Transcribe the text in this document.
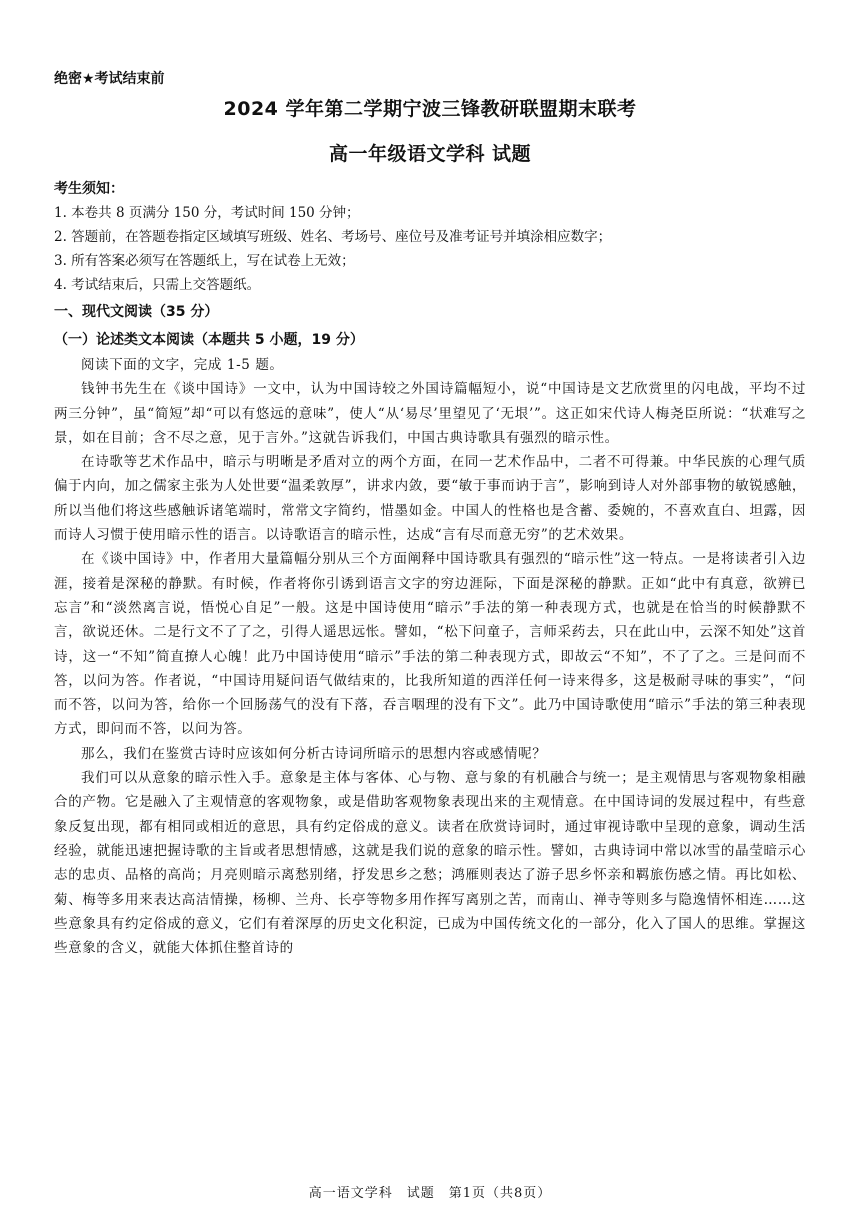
绝密★考试结束前
2024 学年第二学期宁波三锋教研联盟期末联考
高一年级语文学科 试题
考生须知：

1. 本卷共 8 页满分 150 分，考试时间 150 分钟；

2. 答题前，在答题卷指定区域填写班级、姓名、考场号、座位号及准考证号并填涂相应数字；

3. 所有答案必须写在答题纸上，写在试卷上无效；

4. 考试结束后，只需上交答题纸。

一、现代文阅读（35 分）
（一）论述类文本阅读（本题共 5 小题，19 分）

阅读下面的文字，完成 1-5 题。

钱钟书先生在《谈中国诗》一文中，认为中国诗较之外国诗篇幅短小，说“中国诗是文艺欣赏里的闪电战，平均不过两三分钟”，虽“简短”却“可以有悠远的意味”，使人“从‘易尽’里望见了‘无垠’”。这正如宋代诗人梅尧臣所说：“状难写之景，如在目前；含不尽之意，见于言外。”这就告诉我们，中国古典诗歌具有强烈的暗示性。

在诗歌等艺术作品中，暗示与明晰是矛盾对立的两个方面，在同一艺术作品中，二者不可得兼。中华民族的心理气质偏于内向，加之儒家主张为人处世要“温柔敦厚”，讲求内敛，要“敏于事而讷于言”，影响到诗人对外部事物的敏锐感触，所以当他们将这些感触诉诸笔端时，常常文字简约，惜墨如金。中国人的性格也是含蓄、委婉的，不喜欢直白、坦露，因而诗人习惯于使用暗示性的语言。以诗歌语言的暗示性，达成“言有尽而意无穷”的艺术效果。

在《谈中国诗》中，作者用大量篇幅分别从三个方面阐释中国诗歌具有强烈的“暗示性”这一特点。一是将读者引入边涯，接着是深秘的静默。有时候，作者将你引诱到语言文字的穷边涯际，下面是深秘的静默。正如“此中有真意，欲辨已忘言”和“淡然离言说，悟悦心自足”一般。这是中国诗使用“暗示”手法的第一种表现方式，也就是在恰当的时候静默不言，欲说还休。二是行文不了了之，引得人遥思远怅。譬如，“松下问童子，言师采药去，只在此山中，云深不知处”这首诗，这一“不知”简直撩人心魄！此乃中国诗使用“暗示”手法的第二种表现方式，即故云“不知”，不了了之。三是问而不答，以问为答。作者说，“中国诗用疑问语气做结束的，比我所知道的西洋任何一诗来得多，这是极耐寻味的事实”，“问而不答，以问为答，给你一个回肠荡气的没有下落，吞言咽理的没有下文”。此乃中国诗歌使用“暗示”手法的第三种表现方式，即问而不答，以问为答。

那么，我们在鉴赏古诗时应该如何分析古诗词所暗示的思想内容或感情呢？

我们可以从意象的暗示性入手。意象是主体与客体、心与物、意与象的有机融合与统一；是主观情思与客观物象相融合的产物。它是融入了主观情意的客观物象，或是借助客观物象表现出来的主观情意。在中国诗词的发展过程中，有些意象反复出现，都有相同或相近的意思，具有约定俗成的意义。读者在欣赏诗词时，通过审视诗歌中呈现的意象，调动生活经验，就能迅速把握诗歌的主旨或者思想情感，这就是我们说的意象的暗示性。譬如，古典诗词中常以冰雪的晶莹暗示心志的忠贞、品格的高尚；月亮则暗示离愁别绪，抒发思乡之愁；鸿雁则表达了游子思乡怀亲和羁旅伤感之情。再比如松、菊、梅等多用来表达高洁情操，杨柳、兰舟、长亭等物多用作挥写离别之苦，而南山、禅寺等则多与隐逸情怀相连……这些意象具有约定俗成的意义，它们有着深厚的历史文化积淀，已成为中国传统文化的一部分，化入了国人的思维。掌握这些意象的含义，就能大体抓住整首诗的

高一语文学科　试题　第1页（共8页）
